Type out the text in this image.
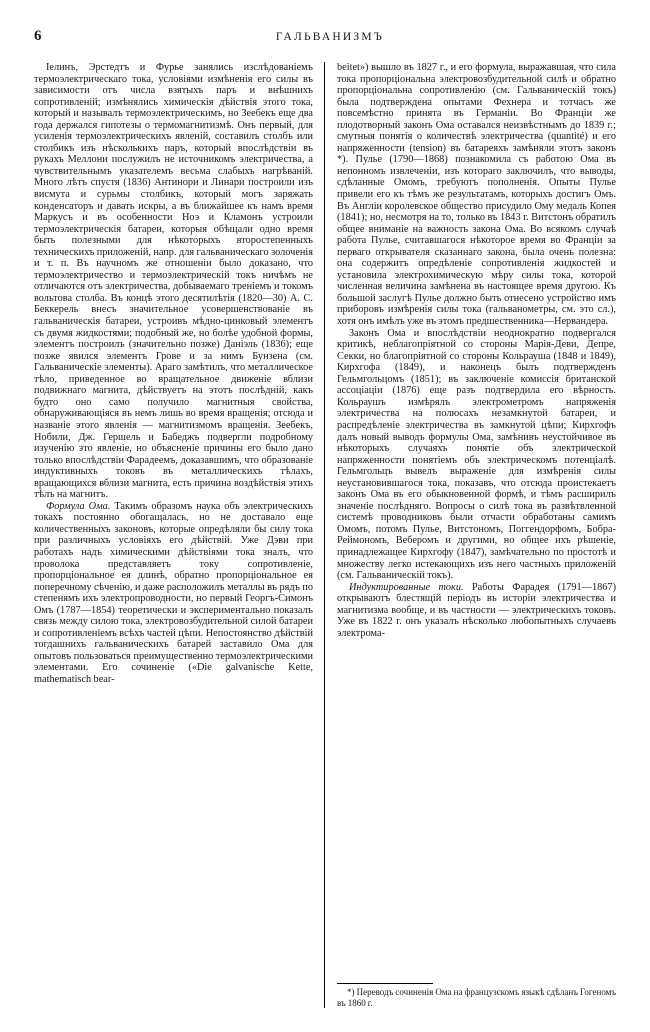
6	ГАЛЬВАНИЗМЪ

Іелинъ, Эрстедтъ и Фурье занялись изслѣдованіемъ термоэлектрическаго тока, условіями измѣненія его силы въ зависимости отъ числа взятыхъ паръ и внѣшнихъ сопротивленій; измѣнялись химическія дѣйствія этого тока, который и называлъ термоэлектрическимъ, но Зеебекъ еще два года держался гипотезы о термомагнитизмѣ. Онъ первый, для усиленія термоэлектрическихъ явленій, составилъ столбъ или столбикъ изъ нѣсколькихъ паръ, который впослѣдствіи въ рукахъ Меллони послужилъ не источникомъ электричества, а чувствительнымъ указателемъ весьма слабыхъ нагрѣваній. Много лѣтъ спустя (1836) Антинори и Линари построили изъ висмута и сурьмы столбикъ, который могъ заряжать конденсаторъ и давать искры, а въ ближайшее къ намъ время Маркусъ и въ особенности Ноэ и Кламонъ устроили термоэлектрическія батареи, которыя обѣщали одно время быть полезными для нѣкоторыхъ второстепенныхъ техническихъ приложеній, напр. для гальваническаго золоченія и т. п. Въ научномъ же отношеніи было доказано, что термоэлектричество и термоэлектрическій токъ ничѣмъ не отличаются отъ электричества, добываемаго треніемъ и токомъ вольтова столба. Въ концѣ этого десятилѣтія (1820—30) А. С. Беккерель внесъ значительное усовершенствованіе въ гальваническія батареи, устроивъ мѣдно-цинковый элементъ съ двумя жидкостями; подобный же, но болѣе удобной формы, элементъ построилъ (значительно позже) Даніэль (1836); еще позже явился элементъ Грове и за нимъ Бунзена (см. Гальваническіе элементы). Араго замѣтилъ, что металлическое тѣло, приведенное во вращательное движеніе вблизи подвижнаго магнита, дѣйствуетъ на этотъ послѣдній, какъ будто оно само получило магнитныя свойства, обнаруживающіяся въ немъ лишь во время вращенія; отсюда и названіе этого явленія — магнитизмомъ вращенія. Зеебекъ, Нобили, Дж. Гершель и Бабеджъ подвергли подробному изученію это явленіе, но объясненіе причины его было дано только впослѣдствіи Фарадеемъ, доказавшимъ, что образованіе индуктивныхъ токовъ въ металлическихъ тѣлахъ, вращающихся вблизи магнита, есть причина воздѣйствія этихъ тѣлъ на магнитъ.

Формула Ома. Такимъ образомъ наука объ электрическихъ токахъ постоянно обогащалась, но не доставало еще количественныхъ законовъ, которые опредѣляли бы силу тока при различныхъ условіяхъ его дѣйствій. Уже Дэви при работахъ надъ химическими дѣйствіями тока зналъ, что проволока представляетъ току сопротивленіе, пропорціональное ея длинѣ, обратно пропорціональное ея поперечному сѣченію, и даже расположилъ металлы въ рядъ по степенямъ ихъ электропроводности, но первый Георгъ-Симонъ Омъ (1787—1854) теоретически и экспериментально показалъ связь между силою тока, электровозбудительной силой батареи и сопротивленіемъ всѣхъ частей цѣпи. Непостоянство дѣйствій тогдашнихъ гальваническихъ батарей заставило Ома для опытовъ пользоваться преимущественно термоэлектрическими элементами. Его сочиненіе («Die galvanische Kette, mathematisch bear-

beitet») вышло въ 1827 г., и его формула, выражавшая, что сила тока пропорціональна электровозбудительной силѣ и обратно пропорціональна сопротивленію (см. Гальваническій токъ) была подтверждена опытами Фехнера и тотчасъ же повсемѣстно принята въ Германіи. Во Франціи же плодотворный законъ Ома оставался неизвѣстнымъ до 1839 г.; смутныя понятія о количествѣ электричества (quantité) и его напряженности (tension) въ батареяхъ замѣняли этотъ законъ *). Пулье (1790—1868) познакомила съ работою Ома въ непонномъ извлеченіи, изъ котораго заключилъ, что выводы, сдѣланные Омомъ, требуютъ пополненія. Опыты Пулье привели его къ тѣмъ же результатамъ, которыхъ достигъ Омъ. Въ Англіи королевское общество присудило Ому медаль Копея (1841); но, несмотря на то, только въ 1843 г. Витстонъ обратилъ общее вниманіе на важность закона Ома. Во всякомъ случаѣ работа Пулье, считавшагося нѣкоторое время во Франціи за перваго открывателя сказаннаго закона, была очень полезна: она содержитъ опредѣленіе сопротивленія жидкостей и установила электрохимическую мѣру силы тока, которой численная величина замѣнена въ настоящее время другою. Къ большой заслугѣ Пулье должно быть отнесено устройство имъ приборовъ измѣренія силы тока (гальванометры, см. это сл.), хотя онъ имѣлъ уже въ этомъ предшественника—Нервандера.

Законъ Ома и впослѣдствіи неоднократно подвергался критикѣ, неблагопріятной со стороны Марія-Деви, Депре, Секки, но благопріятной со стороны Кольрауша (1848 и 1849), Кирхгофа (1849), и наконецъ былъ подтвержденъ Гельмгольцомъ (1851); въ заключеніе комиссія британской ассоціаціи (1876) еще разъ подтвердила его вѣрность. Кольраушъ измѣрялъ электрометромъ напряженія электричества на полюсахъ незамкнутой батареи, и распредѣленіе электричества въ замкнутой цѣпи; Кирхгофъ далъ новый выводъ формулы Ома, замѣнивъ неустойчивое въ нѣкоторыхъ случаяхъ понятіе объ электрической напряженности понятіемъ объ электрическомъ потенціалѣ. Гельмгольцъ вывелъ выраженіе для измѣренія силы неустановившагося тока, показавъ, что отсюда проистекаетъ законъ Ома въ его обыкновенной формѣ, и тѣмъ расширилъ значеніе послѣдняго. Вопросы о силѣ тока въ развѣтвленной системѣ проводниковъ были отчасти обработаны самимъ Омомъ, потомъ Пулье, Витстономъ, Поггендорфомъ, Бобра-Реймономъ, Веберомъ и другими, но общее ихъ рѣшеніе, принадлежащее Кирхгофу (1847), замѣчательно по простотѣ и множеству легко истекающихъ изъ него частныхъ приложеній (см. Гальваническій токъ).

Индуктированные токи. Работы Фарадея (1791—1867) открываютъ блестящій періодъ въ исторіи электричества и магнитизма вообще, и въ частности — электрическихъ токовъ. Уже въ 1822 г. онъ указалъ нѣсколько любопытныхъ случаевъ электрома-

*) Переводъ сочиненія Ома на французскомъ языкѣ сдѣланъ Гогеномъ въ 1860 г.
